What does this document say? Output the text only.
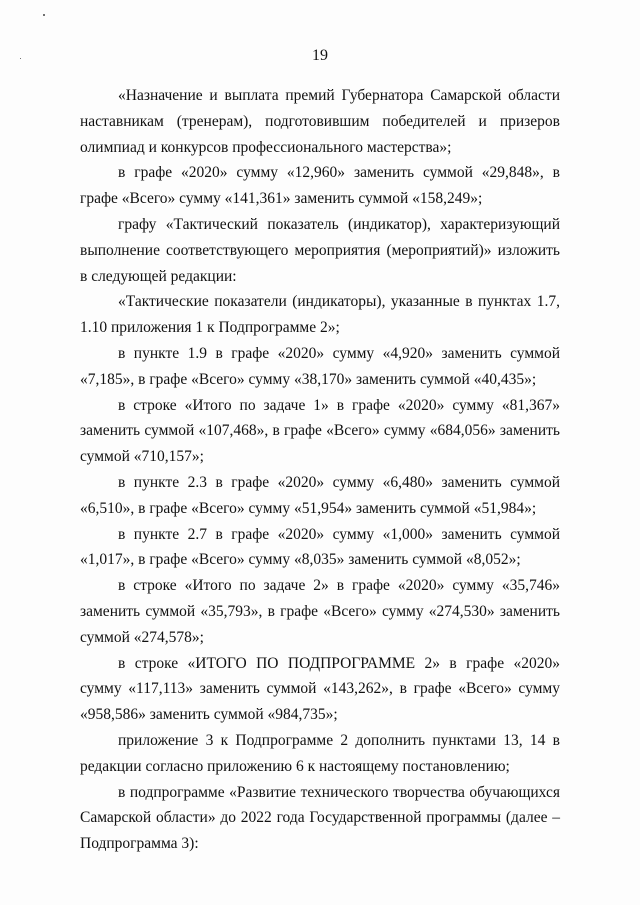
19

«Назначение и выплата премий Губернатора Самарской области наставникам (тренерам), подготовившим победителей и призеров олимпиад и конкурсов профессионального мастерства»;

в графе «2020» сумму «12,960» заменить суммой «29,848», в графе «Всего» сумму «141,361» заменить суммой «158,249»;

графу «Тактический показатель (индикатор), характеризующий выполнение соответствующего мероприятия (мероприятий)» изложить в следующей редакции:

«Тактические показатели (индикаторы), указанные в пунктах 1.7, 1.10 приложения 1 к Подпрограмме 2»;

в пункте 1.9 в графе «2020» сумму «4,920» заменить суммой «7,185», в графе «Всего» сумму «38,170» заменить суммой «40,435»;

в строке «Итого по задаче 1» в графе «2020» сумму «81,367» заменить суммой «107,468», в графе «Всего» сумму «684,056» заменить суммой «710,157»;

в пункте 2.3 в графе «2020» сумму «6,480» заменить суммой «6,510», в графе «Всего» сумму «51,954» заменить суммой «51,984»;

в пункте 2.7 в графе «2020» сумму «1,000» заменить суммой «1,017», в графе «Всего» сумму «8,035» заменить суммой «8,052»;

в строке «Итого по задаче 2» в графе «2020» сумму «35,746» заменить суммой «35,793», в графе «Всего» сумму «274,530» заменить суммой «274,578»;

в строке «ИТОГО ПО ПОДПРОГРАММЕ 2» в графе «2020» сумму «117,113» заменить суммой «143,262», в графе «Всего» сумму «958,586» заменить суммой «984,735»;

приложение 3 к Подпрограмме 2 дополнить пунктами 13, 14 в редакции согласно приложению 6 к настоящему постановлению;

в подпрограмме «Развитие технического творчества обучающихся Самарской области» до 2022 года Государственной программы (далее – Подпрограмма 3):
